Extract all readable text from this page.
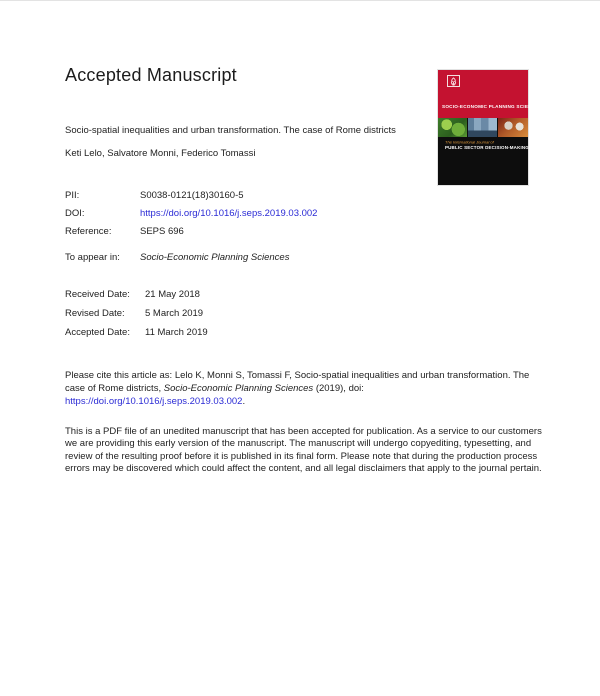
Accepted Manuscript
SOCIO-ECONOMIC PLANNING SCIENCES
The International Journal of
PUBLIC SECTOR DECISION-MAKING

Socio-spatial inequalities and urban transformation. The case of Rome districts

Keti Lelo, Salvatore Monni, Federico Tomassi

PII:	S0038-0121(18)30160-5
DOI:	https://doi.org/10.1016/j.seps.2019.03.002
Reference:	SEPS 696
To appear in: Socio-Economic Planning Sciences
Received Date: 21 May 2018
Revised Date: 5 March 2019
Accepted Date: 11 March 2019

Please cite this article as: Lelo K, Monni S, Tomassi F, Socio-spatial inequalities and urban transformation. The case of Rome districts, Socio-Economic Planning Sciences (2019), doi: https://doi.org/10.1016/j.seps.2019.03.002.

This is a PDF file of an unedited manuscript that has been accepted for publication. As a service to our customers we are providing this early version of the manuscript. The manuscript will undergo copyediting, typesetting, and review of the resulting proof before it is published in its final form. Please note that during the production process errors may be discovered which could affect the content, and all legal disclaimers that apply to the journal pertain.
